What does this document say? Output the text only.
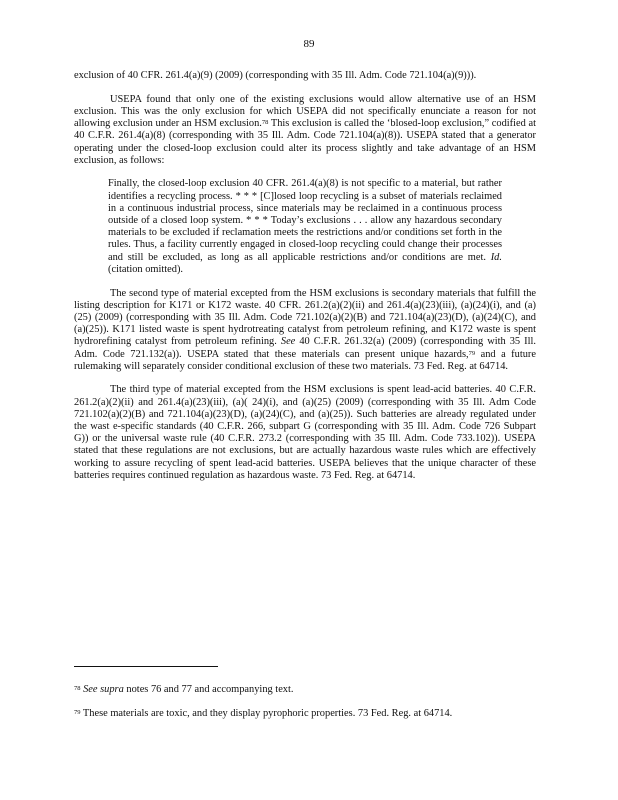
89

exclusion of 40 CFR. 261.4(a)(9) (2009) (corresponding with 35 Ill. Adm. Code 721.104(a)(9))).

USEPA found that only one of the existing exclusions would allow alternative use of an HSM exclusion. This was the only exclusion for which USEPA did not specifically enunciate a reason for not allowing exclusion under an HSM exclusion.$^{78}$ This exclusion is called the ‘blosed-loop exclusion,” codified at 40 C.F.R. 261.4(a)(8) (corresponding with 35 Ill. Adm. Code 721.104(a)(8)). USEPA stated that a generator operating under the closed-loop exclusion could alter its process slightly and take advantage of an HSM exclusion, as follows:

Finally, the closed-loop exclusion 40 CFR. 261.4(a)(8) is not specific to a material, but rather identifies a recycling process. * * * [C]losed loop recycling is a subset of materials reclaimed in a continuous industrial process, since materials may be reclaimed in a continuous process outside of a closed loop system. * * * Today’s exclusions . . . allow any hazardous secondary materials to be excluded if reclamation meets the restrictions and/or conditions set forth in the rules. Thus, a facility currently engaged in closed-loop recycling could change their processes and still be excluded, as long as all applicable restrictions and/or conditions are met. Id. (citation omitted).

The second type of material excepted from the HSM exclusions is secondary materials that fulfill the listing description for K171 or K172 waste. 40 CFR. 261.2(a)(2)(ii) and 261.4(a)(23)(iii), (a)(24)(i), and (a)(25) (2009) (corresponding with 35 Ill. Adm. Code 721.102(a)(2)(B) and 721.104(a)(23)(D), (a)(24)(C), and (a)(25)). K171 listed waste is spent hydrotreating catalyst from petroleum refining, and K172 waste is spent hydrorefining catalyst from petroleum refining. See 40 C.F.R. 261.32(a) (2009) (corresponding with 35 Ill. Adm. Code 721.132(a)). USEPA stated that these materials can present unique hazards,$^{79}$ and a future rulemaking will separately consider conditional exclusion of these two materials. 73 Fed. Reg. at 64714.

The third type of material excepted from the HSM exclusions is spent lead-acid batteries. 40 C.F.R. 261.2(a)(2)(ii) and 261.4(a)(23)(iii), (a)( 24)(i), and (a)(25) (2009) (corresponding with 35 Ill. Adm Code 721.102(a)(2)(B) and 721.104(a)(23)(D), (a)(24)(C), and (a)(25)). Such batteries are already regulated under the wast e-specific standards (40 C.F.R. 266, subpart G (corresponding with 35 Ill. Adm. Code 726 Subpart G)) or the universal waste rule (40 C.F.R. 273.2 (corresponding with 35 Ill. Adm. Code 733.102)). USEPA stated that these regulations are not exclusions, but are actually hazardous waste rules which are effectively working to assure recycling of spent lead-acid batteries. USEPA believes that the unique character of these batteries requires continued regulation as hazardous waste. 73 Fed. Reg. at 64714.

$^{78}$ See supra notes 76 and 77 and accompanying text.
$^{79}$ These materials are toxic, and they display pyrophoric properties. 73 Fed. Reg. at 64714.
